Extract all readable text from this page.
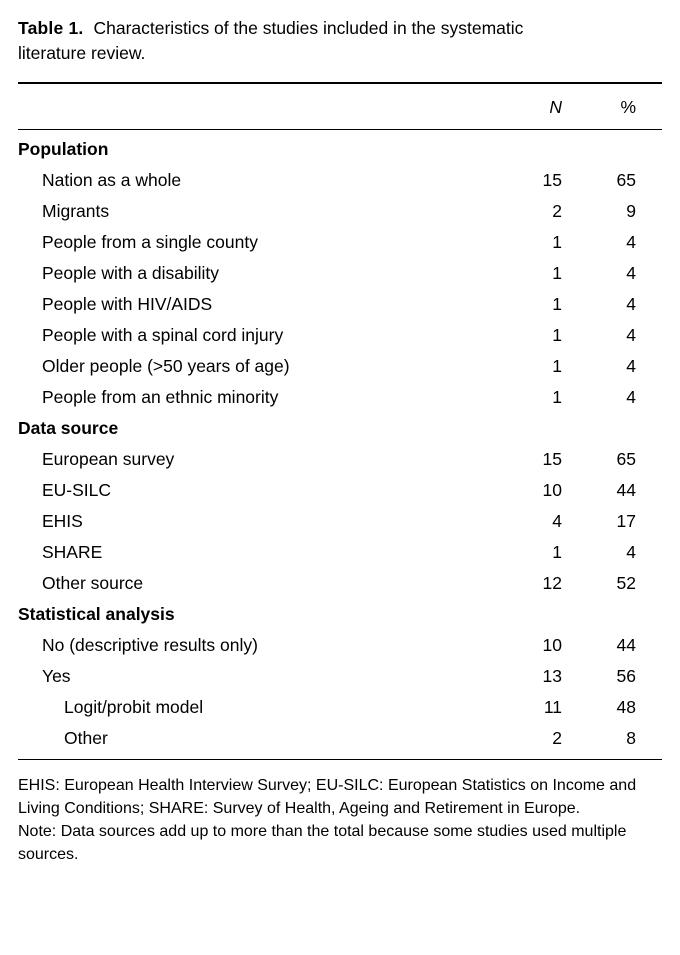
Table 1. Characteristics of the studies included in the systematic literature review.
N	%
Population
Nation as a whole	15	65
Migrants	2	9
People from a single county	1	4
People with a disability	1	4
People with HIV/AIDS	1	4
People with a spinal cord injury	1	4
Older people (>50 years of age)	1	4
People from an ethnic minority	1	4
Data source
European survey	15	65
EU-SILC	10	44
EHIS	4	17
SHARE	1	4
Other source	12	52
Statistical analysis
No (descriptive results only)	10	44
Yes	13	56
Logit/probit model	11	48
Other	2	8

EHIS: European Health Interview Survey; EU-SILC: European Statistics on Income and Living Conditions; SHARE: Survey of Health, Ageing and Retirement in Europe.

Note: Data sources add up to more than the total because some studies used multiple sources.
